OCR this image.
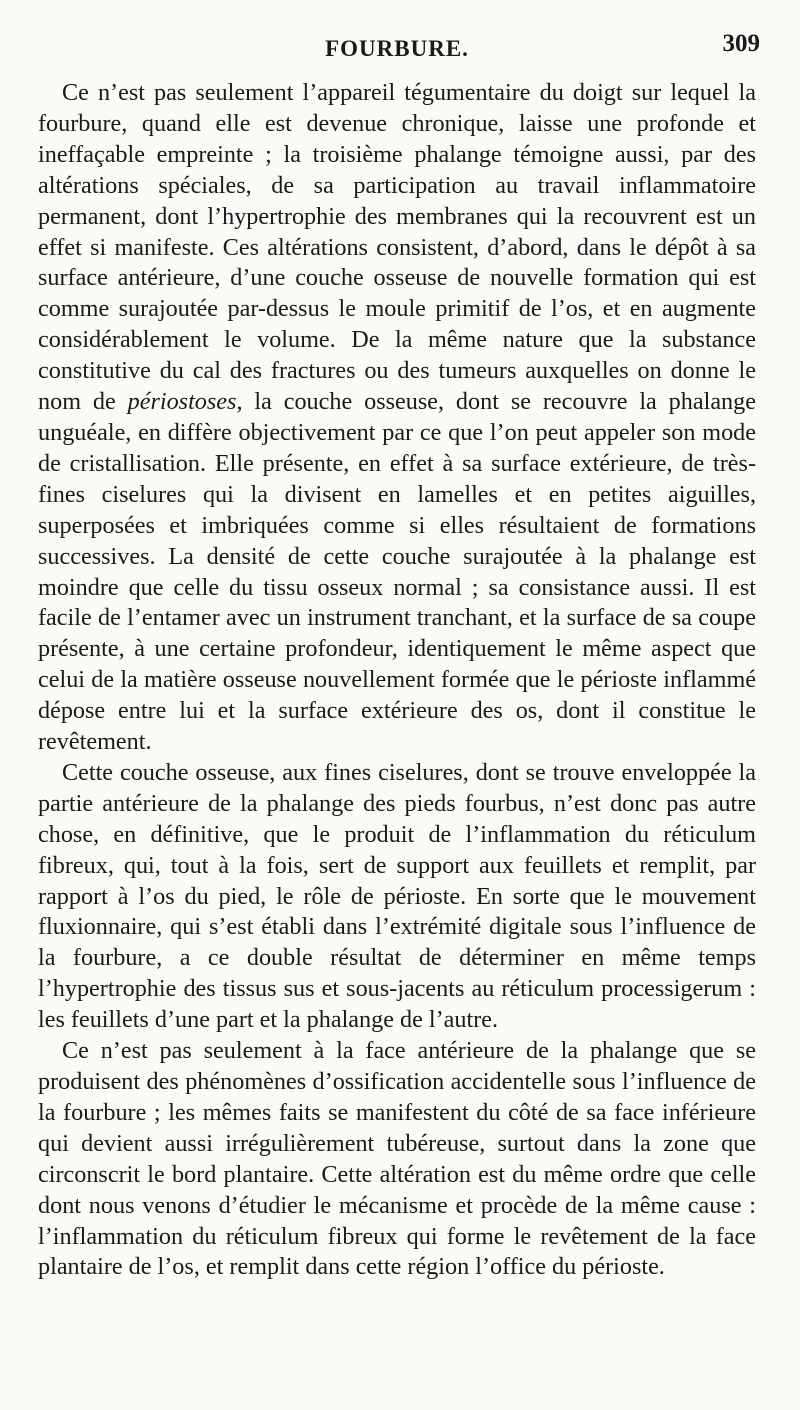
FOURBURE.	309

Ce n’est pas seulement l’appareil tégumentaire du doigt sur lequel la fourbure, quand elle est devenue chronique, laisse une profonde et ineffaçable empreinte ; la troisième phalange témoigne aussi, par des altérations spéciales, de sa participation au travail inflammatoire permanent, dont l’hypertrophie des membranes qui la recouvrent est un effet si manifeste. Ces altérations consistent, d’abord, dans le dépôt à sa surface antérieure, d’une couche osseuse de nouvelle formation qui est comme surajoutée par-dessus le moule primitif de l’os, et en augmente considérablement le volume. De la même nature que la substance constitutive du cal des fractures ou des tumeurs auxquelles on donne le nom de périostoses, la couche osseuse, dont se recouvre la phalange unguéale, en diffère objectivement par ce que l’on peut appeler son mode de cristallisation. Elle présente, en effet à sa surface extérieure, de très-fines ciselures qui la divisent en lamelles et en petites aiguilles, superposées et imbriquées comme si elles résultaient de formations successives. La densité de cette couche surajoutée à la phalange est moindre que celle du tissu osseux normal ; sa consistance aussi. Il est facile de l’entamer avec un instrument tranchant, et la surface de sa coupe présente, à une certaine profondeur, identiquement le même aspect que celui de la matière osseuse nouvellement formée que le périoste inflammé dépose entre lui et la surface extérieure des os, dont il constitue le revêtement.

Cette couche osseuse, aux fines ciselures, dont se trouve enveloppée la partie antérieure de la phalange des pieds fourbus, n’est donc pas autre chose, en définitive, que le produit de l’inflammation du réticulum fibreux, qui, tout à la fois, sert de support aux feuillets et remplit, par rapport à l’os du pied, le rôle de périoste. En sorte que le mouvement fluxionnaire, qui s’est établi dans l’extrémité digitale sous l’influence de la fourbure, a ce double résultat de déterminer en même temps l’hypertrophie des tissus sus et sous-jacents au réticulum processigerum : les feuillets d’une part et la phalange de l’autre.

Ce n’est pas seulement à la face antérieure de la phalange que se produisent des phénomènes d’ossification accidentelle sous l’influence de la fourbure ; les mêmes faits se manifestent du côté de sa face inférieure qui devient aussi irrégulièrement tubéreuse, surtout dans la zone que circonscrit le bord plantaire. Cette altération est du même ordre que celle dont nous venons d’étudier le mécanisme et procède de la même cause : l’inflammation du réticulum fibreux qui forme le revêtement de la face plantaire de l’os, et remplit dans cette région l’office du périoste.
